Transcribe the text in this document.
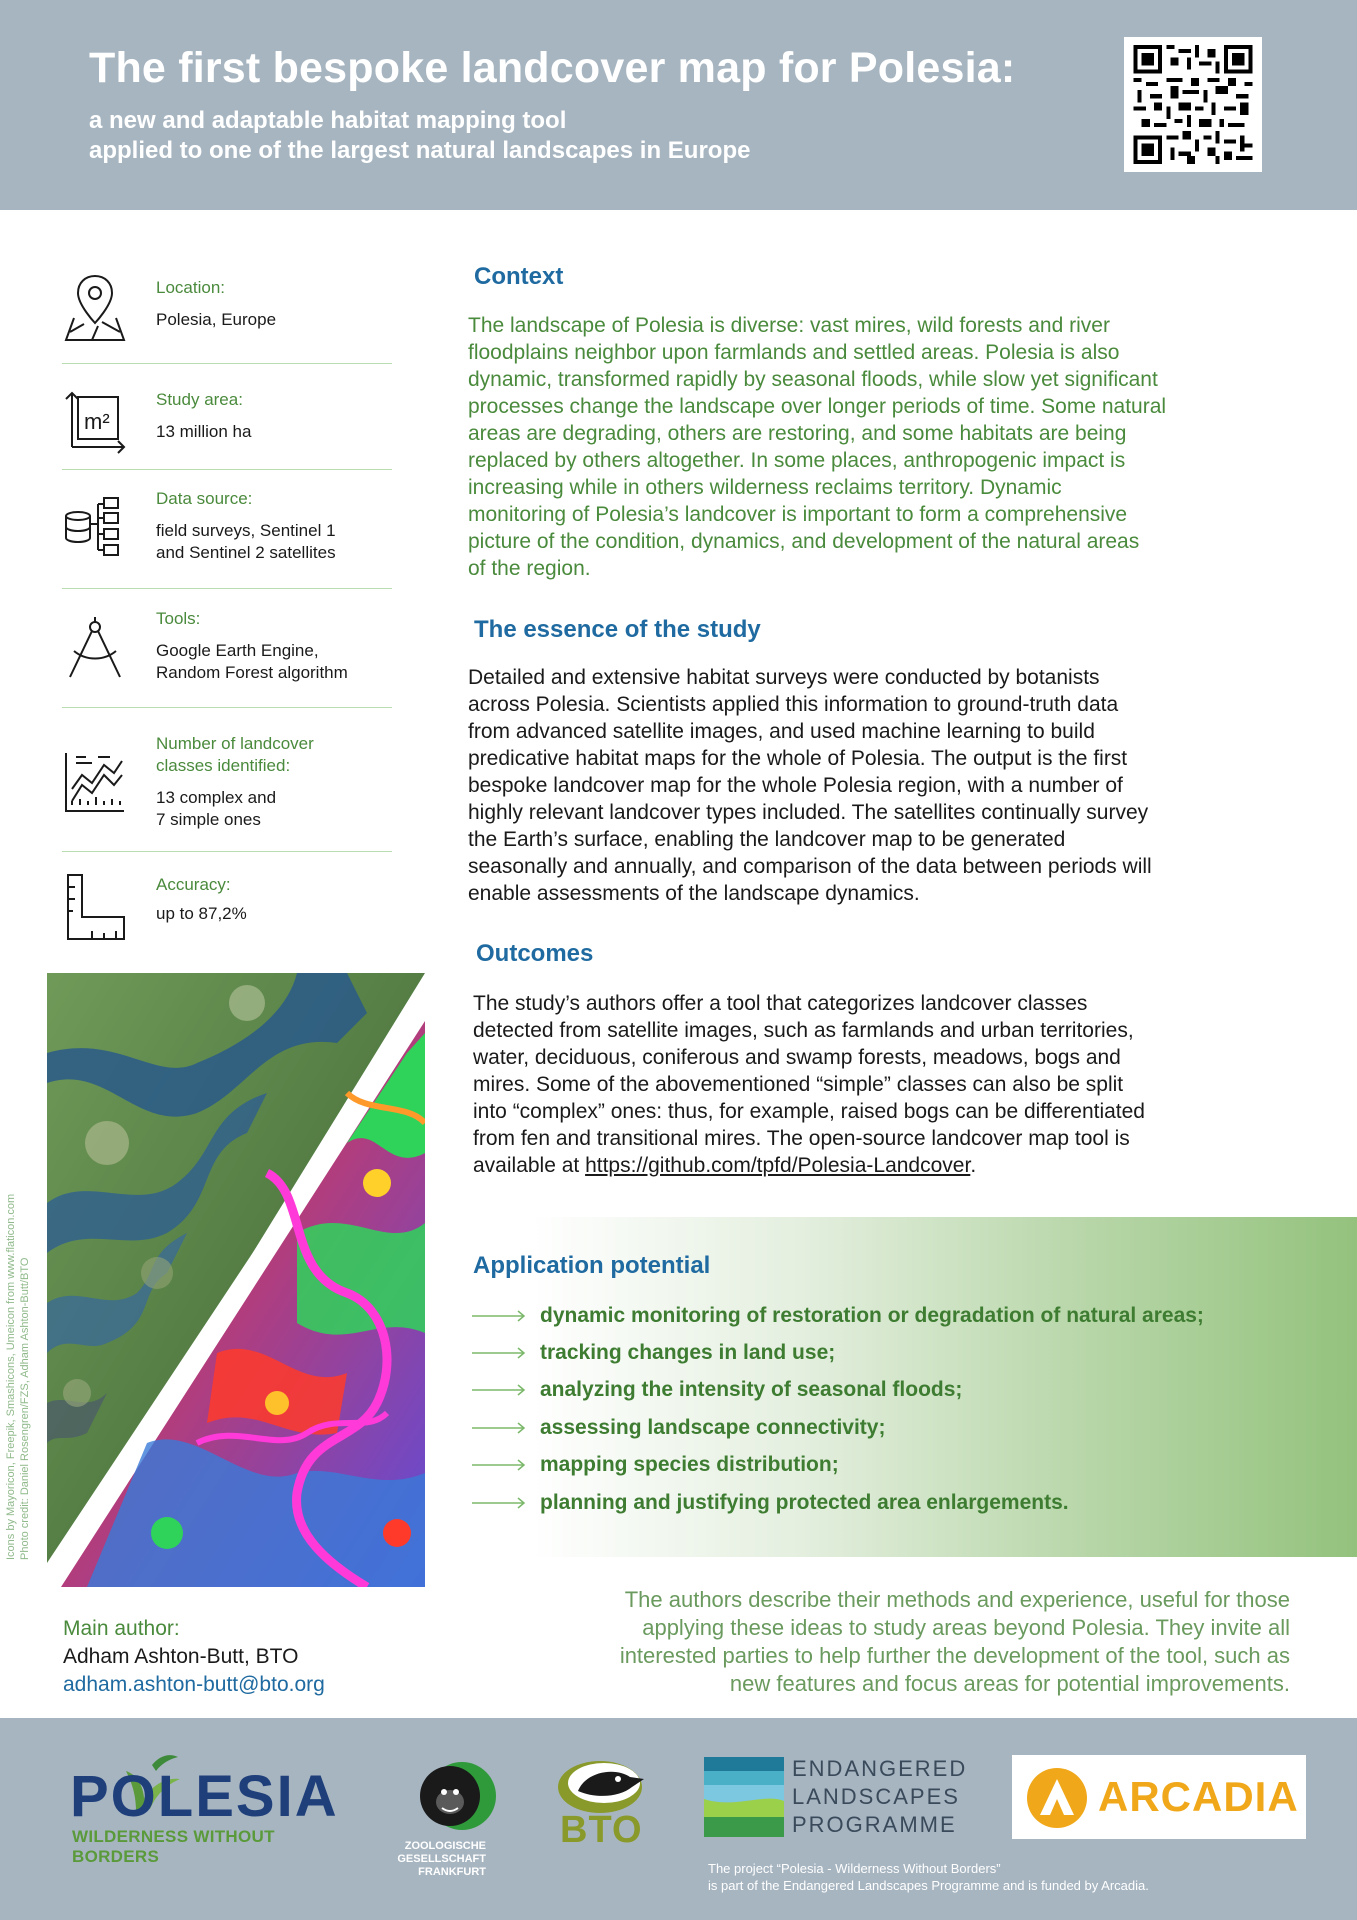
The first bespoke landcover map for Polesia:
a new and adaptable habitat mapping tool
applied to one of the largest natural landscapes in Europe
Location:
Polesia, Europe
m²
Study area:
13 million ha
Data source:
field surveys, Sentinel 1
and Sentinel 2 satellites
Tools:
Google Earth Engine,
Random Forest algorithm
Number of landcover
classes identified:
13 complex and
7 simple ones
Accuracy:
up to 87,2%
Icons by Mayoricon, Freepik, Smashicons, Umeicon from www.flaticon.com Photo credit: Daniel Rosengren/FZS, Adham Ashton-Butt/BTO
Context
The landscape of Polesia is diverse: vast mires, wild forests and river
floodplains neighbor upon farmlands and settled areas. Polesia is also
dynamic, transformed rapidly by seasonal floods, while slow yet significant
processes change the landscape over longer periods of time. Some natural
areas are degrading, others are restoring, and some habitats are being
replaced by others altogether. In some places, anthropogenic impact is
increasing while in others wilderness reclaims territory. Dynamic
monitoring of Polesia’s landcover is important to form a comprehensive
picture of the condition, dynamics, and development of the natural areas
of the region.
The essence of the study
Detailed and extensive habitat surveys were conducted by botanists
across Polesia. Scientists applied this information to ground-truth data
from advanced satellite images, and used machine learning to build
predicative habitat maps for the whole of Polesia. The output is the first
bespoke landcover map for the whole Polesia region, with a number of
highly relevant landcover types included. The satellites continually survey
the Earth’s surface, enabling the landcover map to be generated
seasonally and annually, and comparison of the data between periods will
enable assessments of the landscape dynamics.
Outcomes
The study’s authors offer a tool that categorizes landcover classes
detected from satellite images, such as farmlands and urban territories,
water, deciduous, coniferous and swamp forests, meadows, bogs and
mires. Some of the abovementioned “simple” classes can also be split
into “complex” ones: thus, for example, raised bogs can be differentiated
from fen and transitional mires. The open-source landcover map tool is
available at https://github.com/tpfd/Polesia-Landcover.
Application potential
dynamic monitoring of restoration or degradation of natural areas;
tracking changes in land use;
analyzing the intensity of seasonal floods;
assessing landscape connectivity;
mapping species distribution;
planning and justifying protected area enlargements.
The authors describe their methods and experience, useful for those
applying these ideas to study areas beyond Polesia. They invite all
interested parties to help further the development of the tool, such as
new features and focus areas for potential improvements.
Main author:
Adham Ashton-Butt, BTO
adham.ashton-butt@bto.org
POLESIA
WILDERNESS WITHOUT BORDERS
ZOOLOGISCHE
GESELLSCHAFT
FRANKFURT
BTO
ENDANGERED
LANDSCAPES
PROGRAMME
ARCADIA
The project “Polesia - Wilderness Without Borders”
is part of the Endangered Landscapes Programme and is funded by Arcadia.
